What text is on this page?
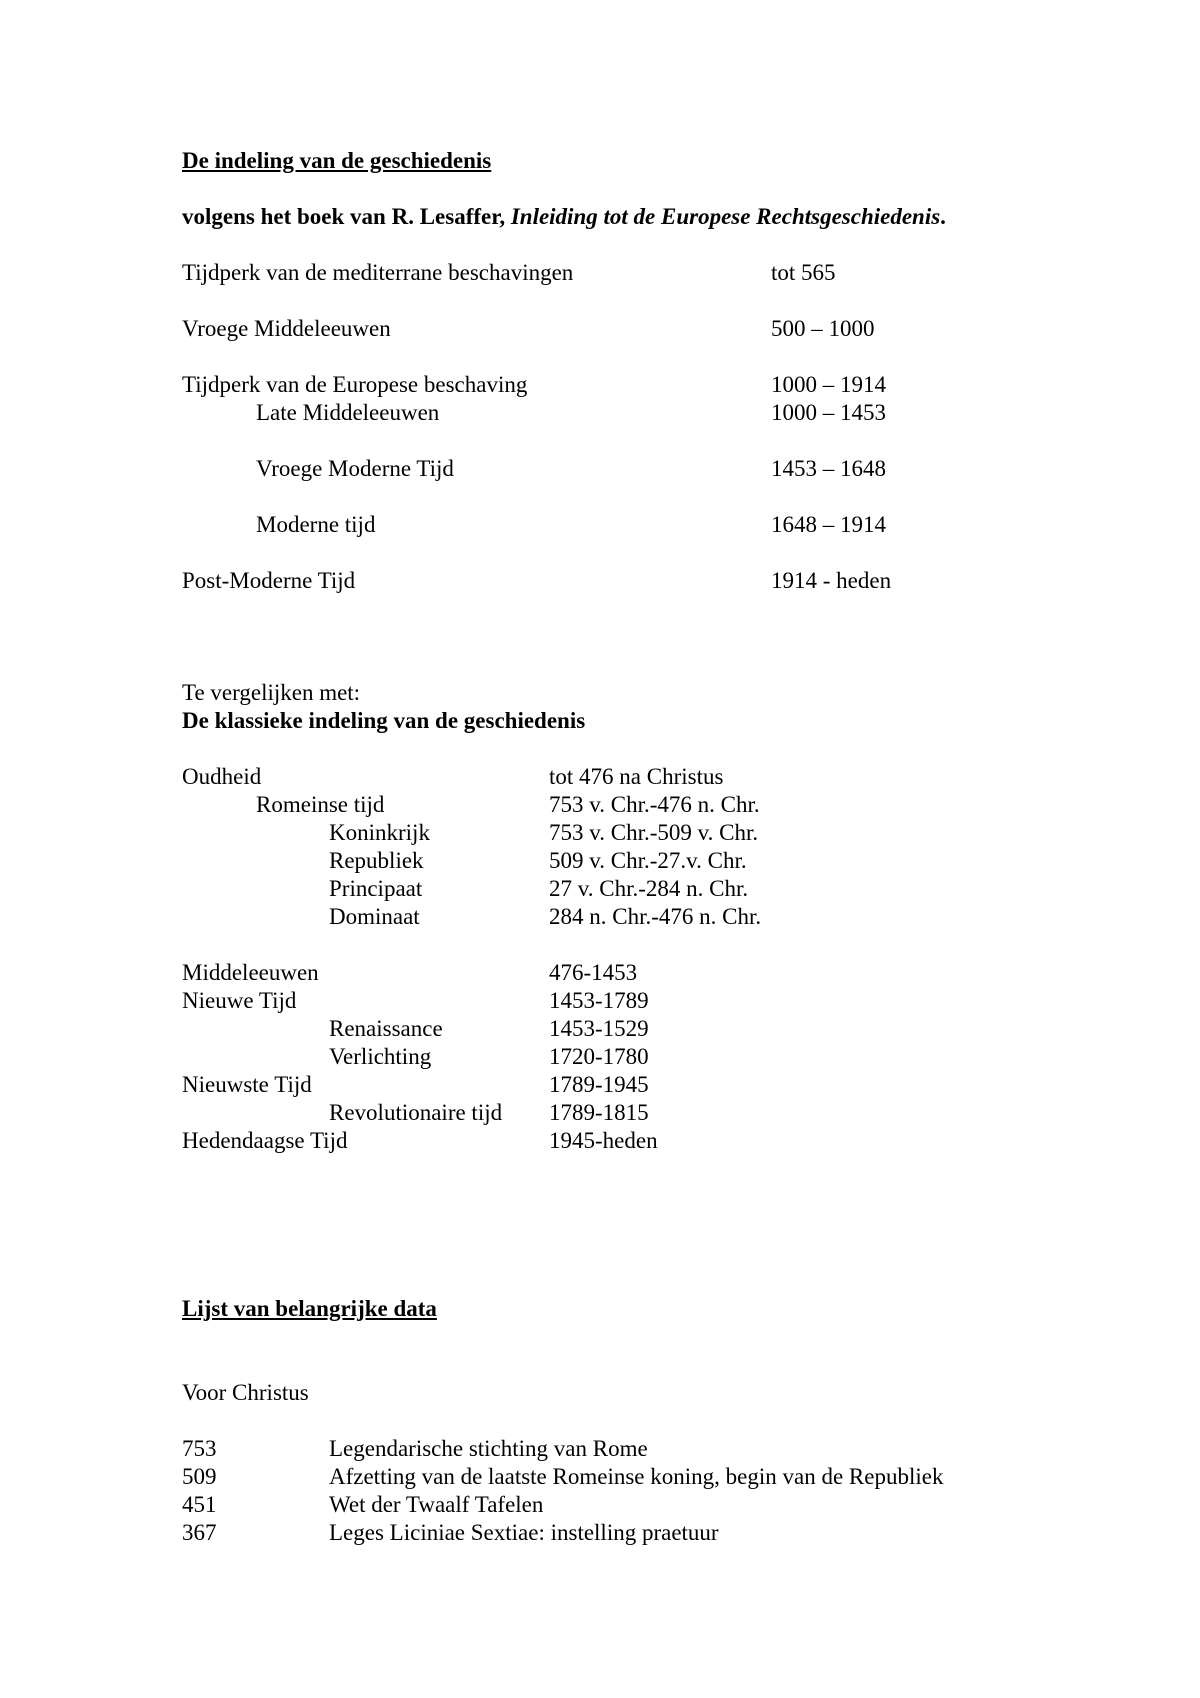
De indeling van de geschiedenis
volgens het boek van R. Lesaffer, Inleiding tot de Europese Rechtsgeschiedenis.
Tijdperk van de mediterrane beschavingen	tot 565
Vroege Middeleeuwen	500 – 1000
Tijdperk van de Europese beschaving	1000 – 1914
Late Middeleeuwen	1000 – 1453
Vroege Moderne Tijd	1453 – 1648
Moderne tijd	1648 – 1914
Post-Moderne Tijd	1914 - heden
Te vergelijken met:
De klassieke indeling van de geschiedenis
Oudheid	tot 476 na Christus
Romeinse tijd	753 v. Chr.-476 n. Chr.
Koninkrijk	753 v. Chr.-509 v. Chr.
Republiek	509 v. Chr.-27.v. Chr.
Principaat	27 v. Chr.-284 n. Chr.
Dominaat	284 n. Chr.-476 n. Chr.
Middeleeuwen	476-1453
Nieuwe Tijd	1453-1789
Renaissance	1453-1529
Verlichting	1720-1780
Nieuwste Tijd	1789-1945
Revolutionaire tijd 1789-1815
Hedendaagse Tijd	1945-heden
Lijst van belangrijke data
Voor Christus
753	Legendarische stichting van Rome
509	Afzetting van de laatste Romeinse koning, begin van de Republiek
451	Wet der Twaalf Tafelen
367	Leges Liciniae Sextiae: instelling praetuur
